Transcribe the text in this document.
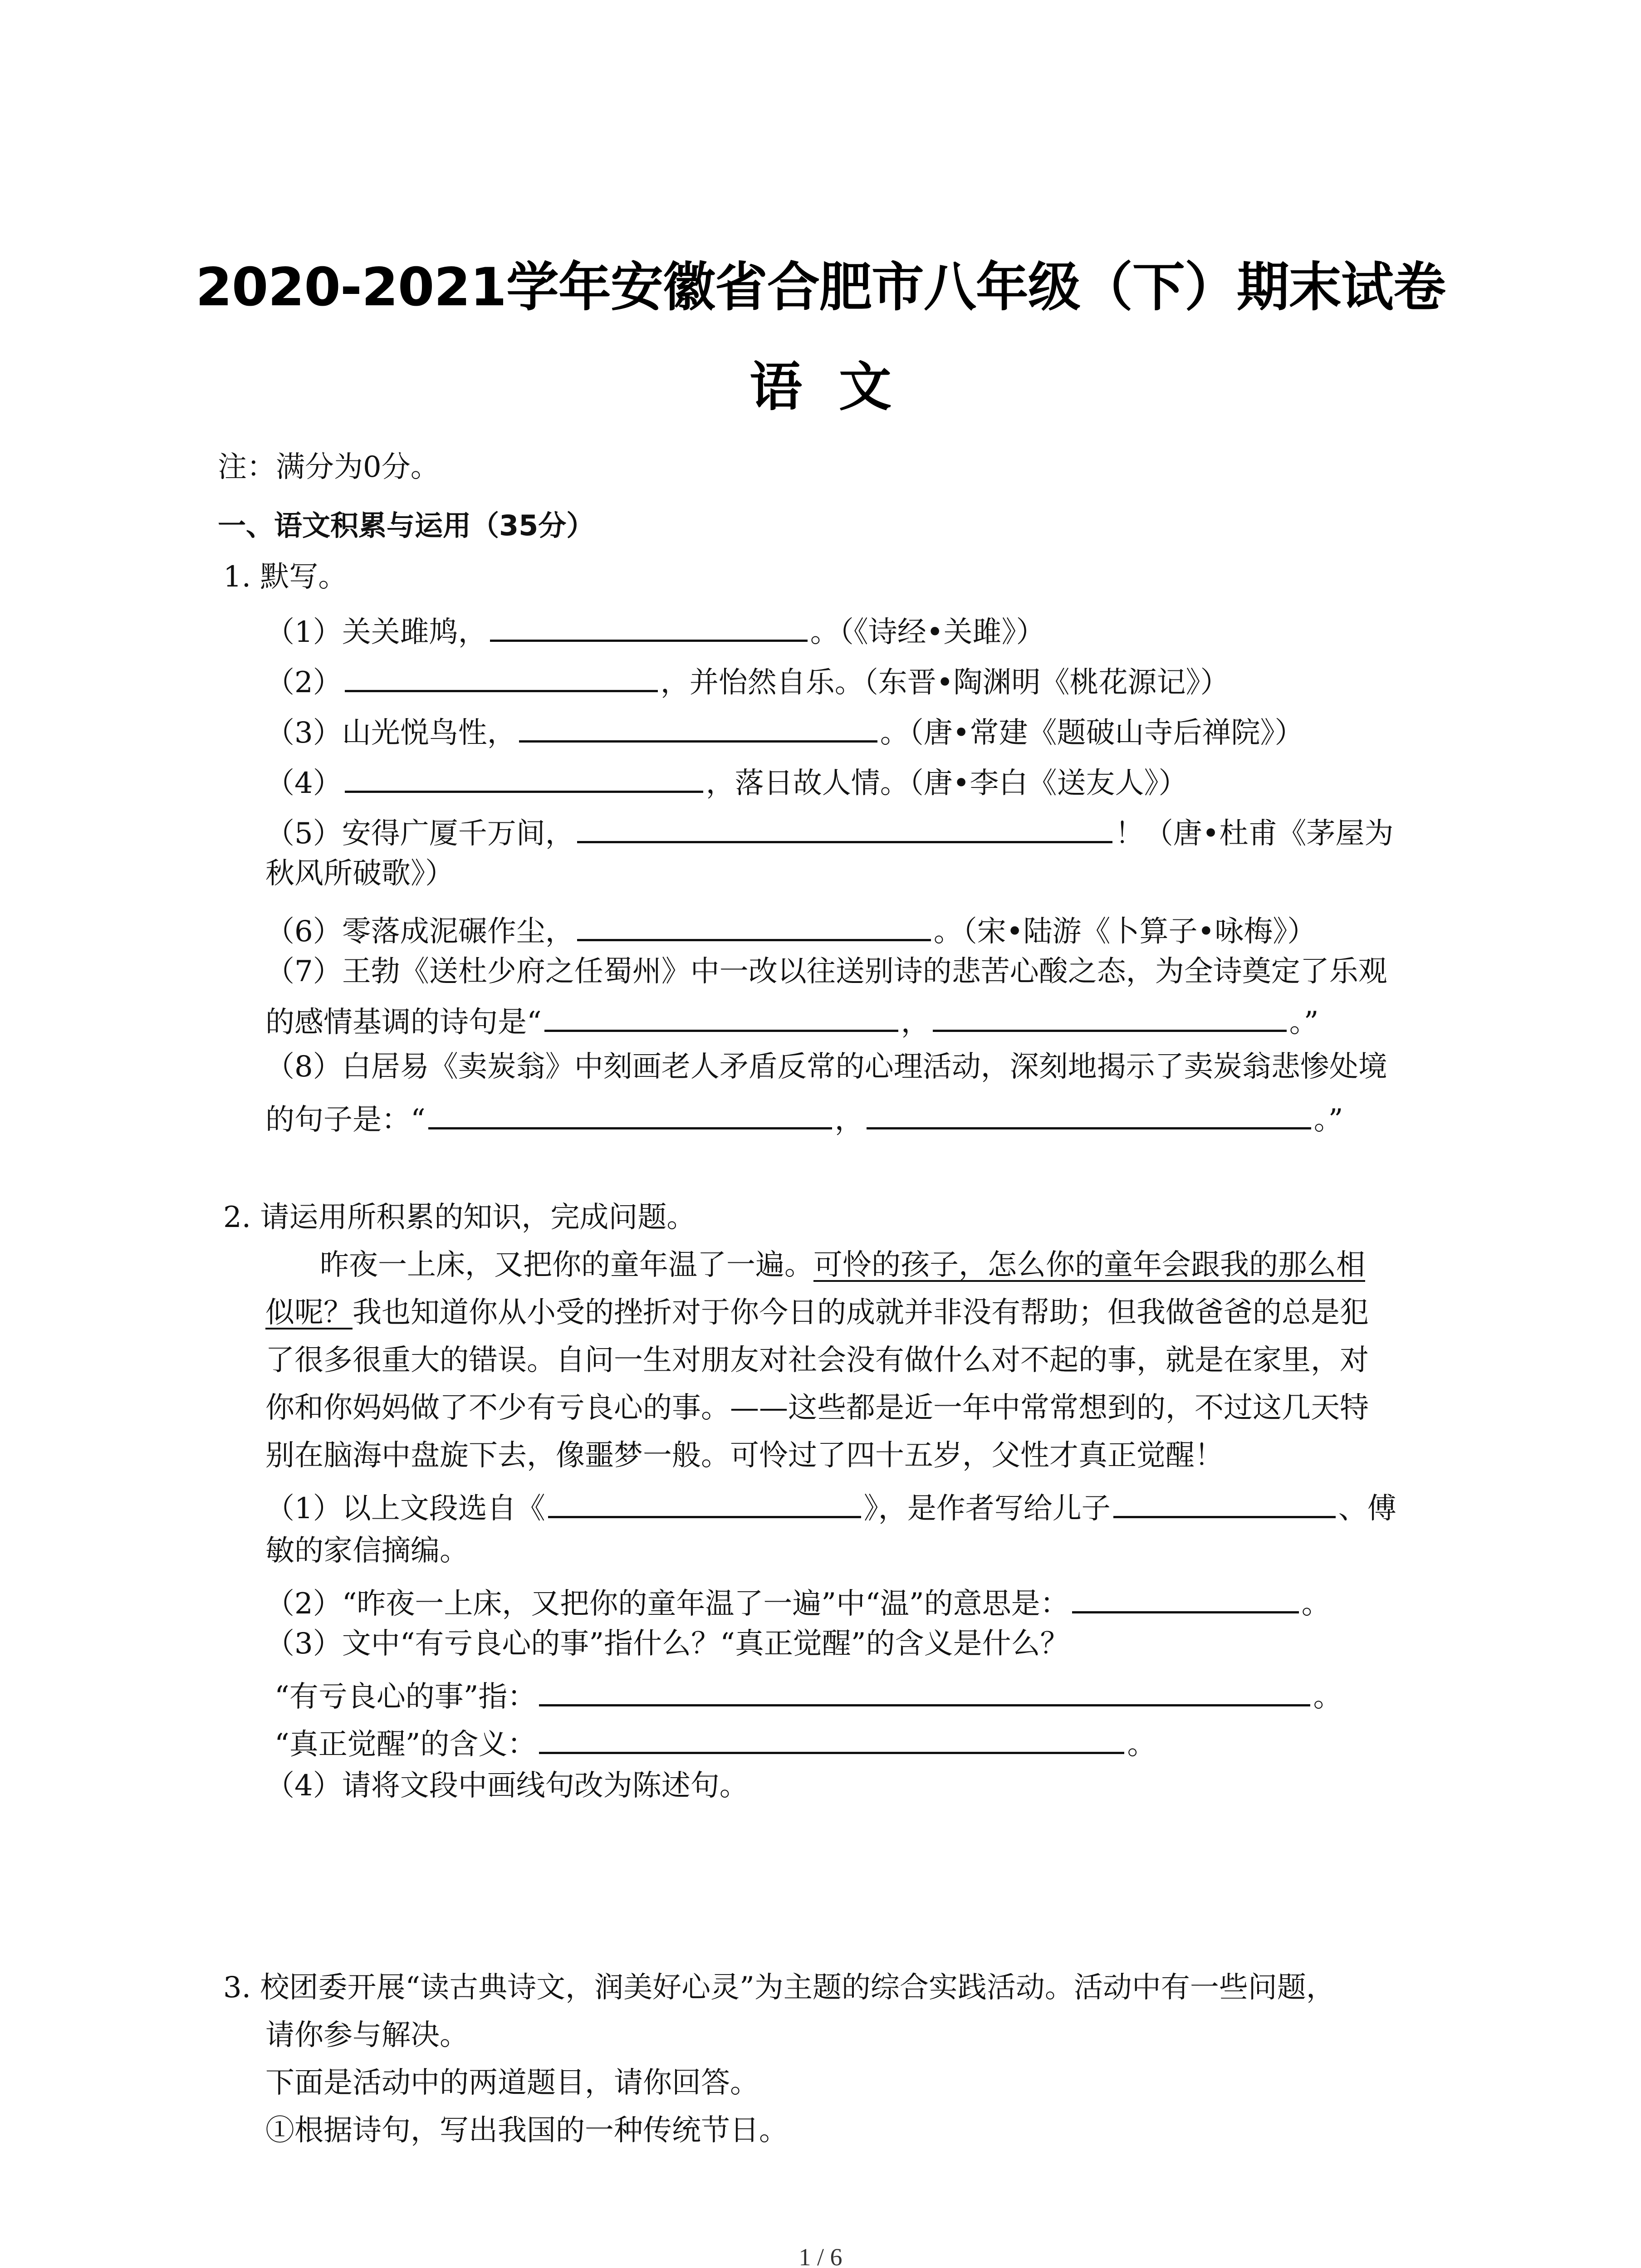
2020-2021学年安徽省合肥市八年级（下）期末试卷
语  文
注：满分为0分。
一、语文积累与运用（35分）
1. 默写。
（1）关关雎鸠，	。（《诗经•关雎》）
（2）	，并怡然自乐。（东晋•陶渊明《桃花源记》）
（3）山光悦鸟性，	。（唐•常建《题破山寺后禅院》）
（4）	，落日故人情。（唐•李白《送友人》）
（5）安得广厦千万间，	！（唐•杜甫《茅屋为
秋风所破歌》）
（6）零落成泥碾作尘，	。（宋•陆游《卜算子•咏梅》）
（7）王勃《送杜少府之任蜀州》中一改以往送别诗的悲苦心酸之态，为全诗奠定了乐观
的感情基调的诗句是“	，	。”
（8）白居易《卖炭翁》中刻画老人矛盾反常的心理活动，深刻地揭示了卖炭翁悲惨处境
的句子是：“	，	。”
2. 请运用所积累的知识，完成问题。
昨夜一上床，又把你的童年温了一遍。可怜的孩子，怎么你的童年会跟我的那么相
似呢？我也知道你从小受的挫折对于你今日的成就并非没有帮助；但我做爸爸的总是犯
了很多很重大的错误。自问一生对朋友对社会没有做什么对不起的事，就是在家里，对
你和你妈妈做了不少有亏良心的事。——这些都是近一年中常常想到的，不过这几天特
别在脑海中盘旋下去，像噩梦一般。可怜过了四十五岁，父性才真正觉醒！
（1）以上文段选自《	》，是作者写给儿子	、傅
敏的家信摘编。
（2）“昨夜一上床，又把你的童年温了一遍”中“温”的意思是：	。
（3）文中“有亏良心的事”指什么？“真正觉醒”的含义是什么？
“有亏良心的事”指：	。
“真正觉醒”的含义：	。
（4）请将文段中画线句改为陈述句。
3. 校团委开展“读古典诗文，润美好心灵”为主题的综合实践活动。活动中有一些问题，
请你参与解决。
下面是活动中的两道题目，请你回答。
①根据诗句，写出我国的一种传统节日。
1 / 6
